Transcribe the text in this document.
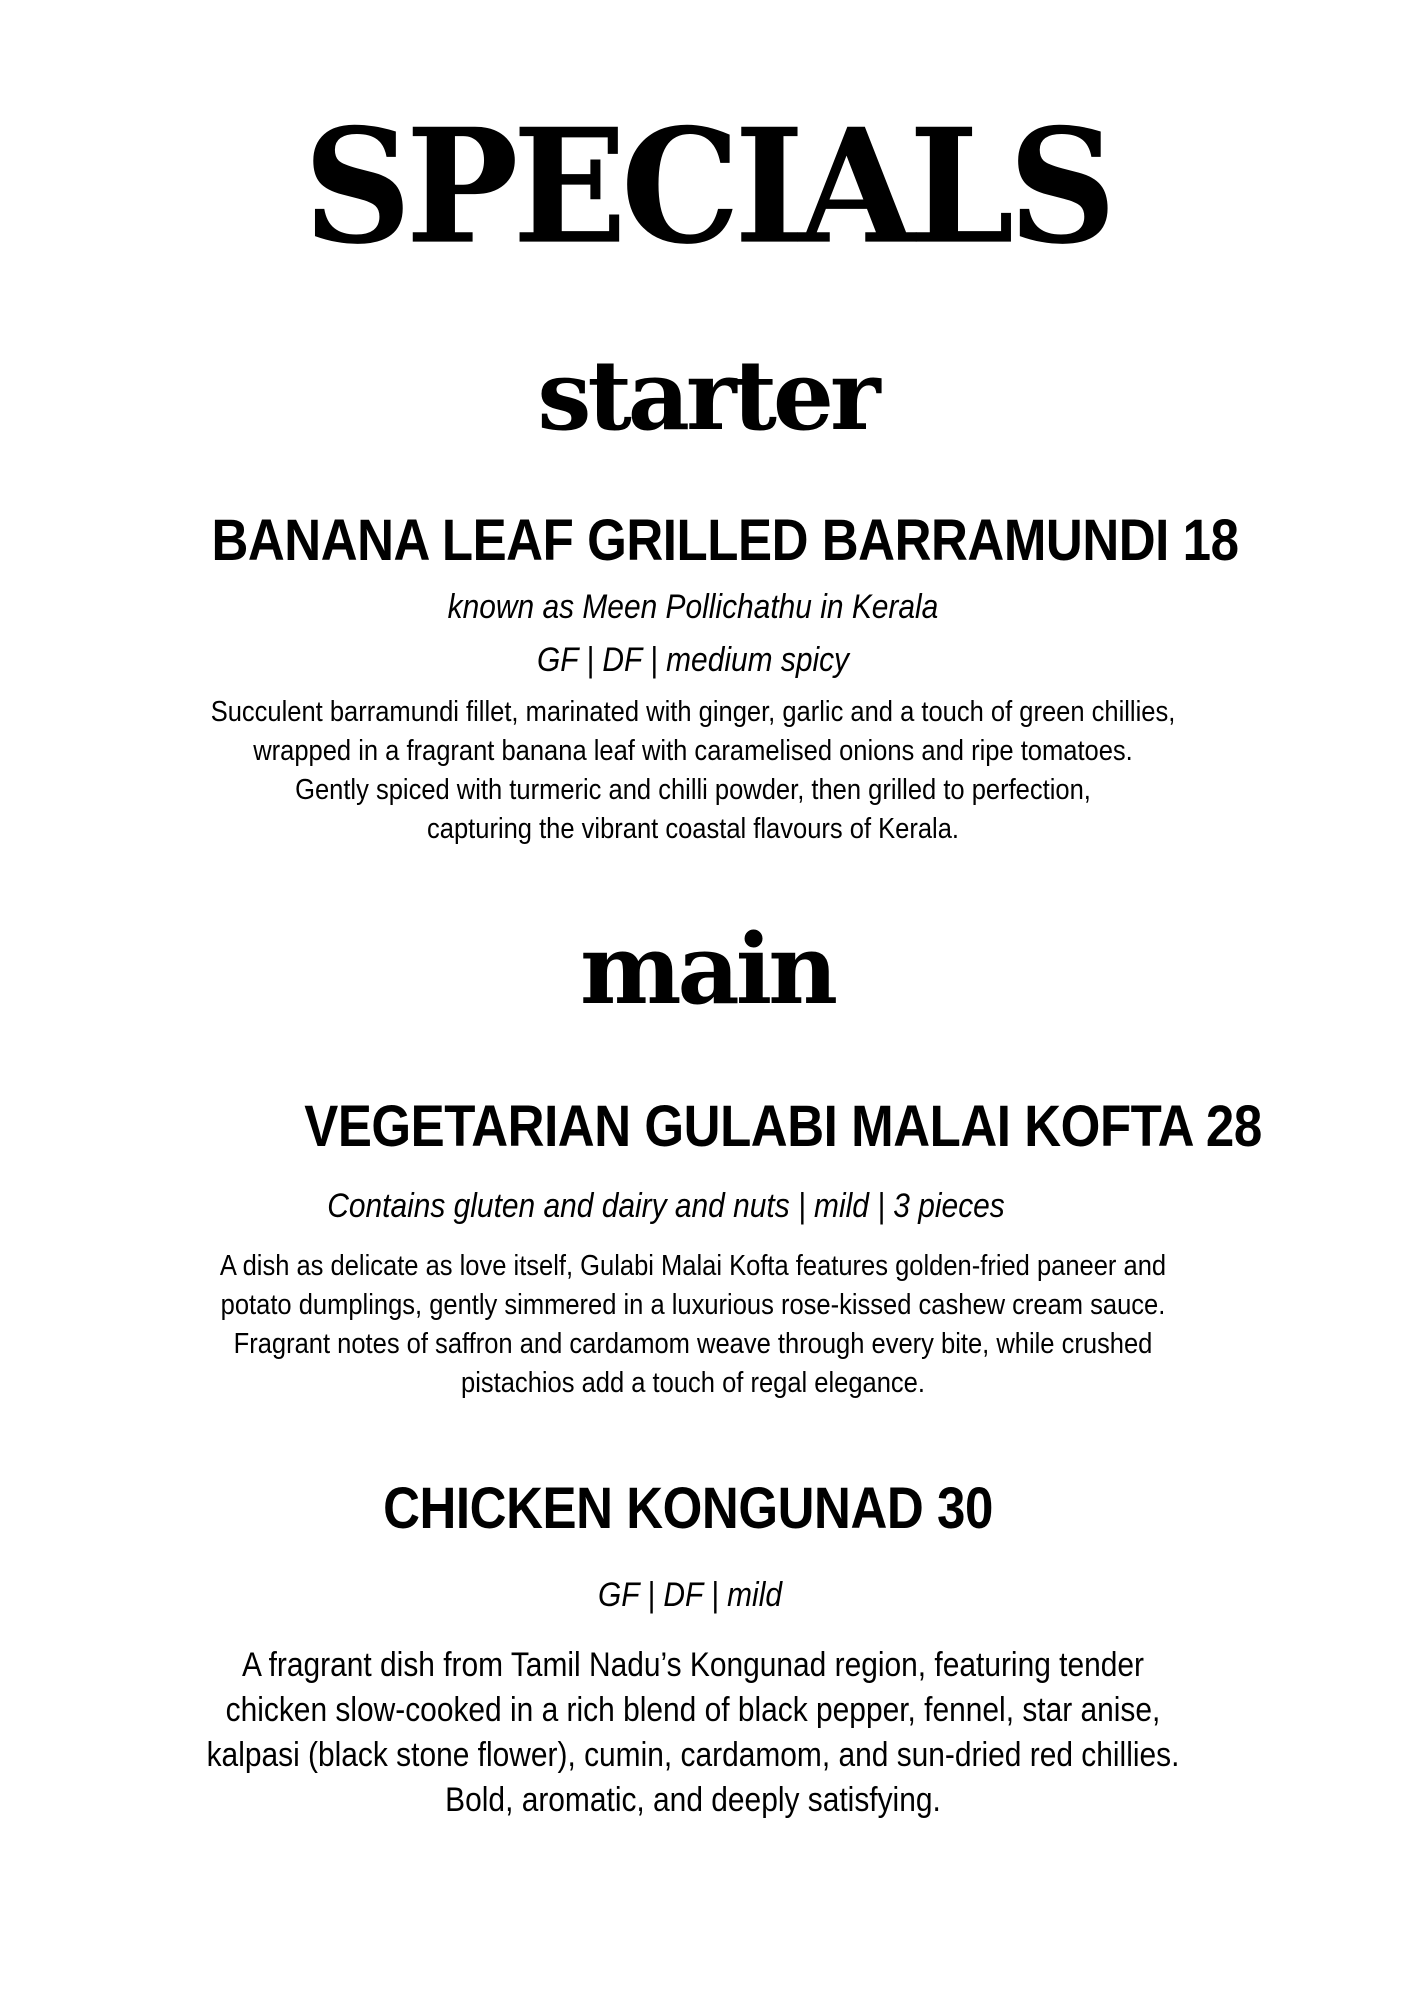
SPECIALS
starter
BANANA LEAF GRILLED BARRAMUNDI 18
known as Meen Pollichathu in Kerala
GF | DF | medium spicy
Succulent barramundi fillet, marinated with ginger, garlic and a touch of green chillies,
wrapped in a fragrant banana leaf with caramelised onions and ripe tomatoes.
Gently spiced with turmeric and chilli powder, then grilled to perfection,
capturing the vibrant coastal flavours of Kerala.
main
VEGETARIAN GULABI MALAI KOFTA 28
Contains gluten and dairy and nuts | mild | 3 pieces
A dish as delicate as love itself, Gulabi Malai Kofta features golden-fried paneer and
potato dumplings, gently simmered in a luxurious rose-kissed cashew cream sauce.
Fragrant notes of saffron and cardamom weave through every bite, while crushed
pistachios add a touch of regal elegance.
CHICKEN KONGUNAD 30
GF | DF | mild
A fragrant dish from Tamil Nadu’s Kongunad region, featuring tender
chicken slow-cooked in a rich blend of black pepper, fennel, star anise,
kalpasi (black stone flower), cumin, cardamom, and sun-dried red chillies.
Bold, aromatic, and deeply satisfying.
